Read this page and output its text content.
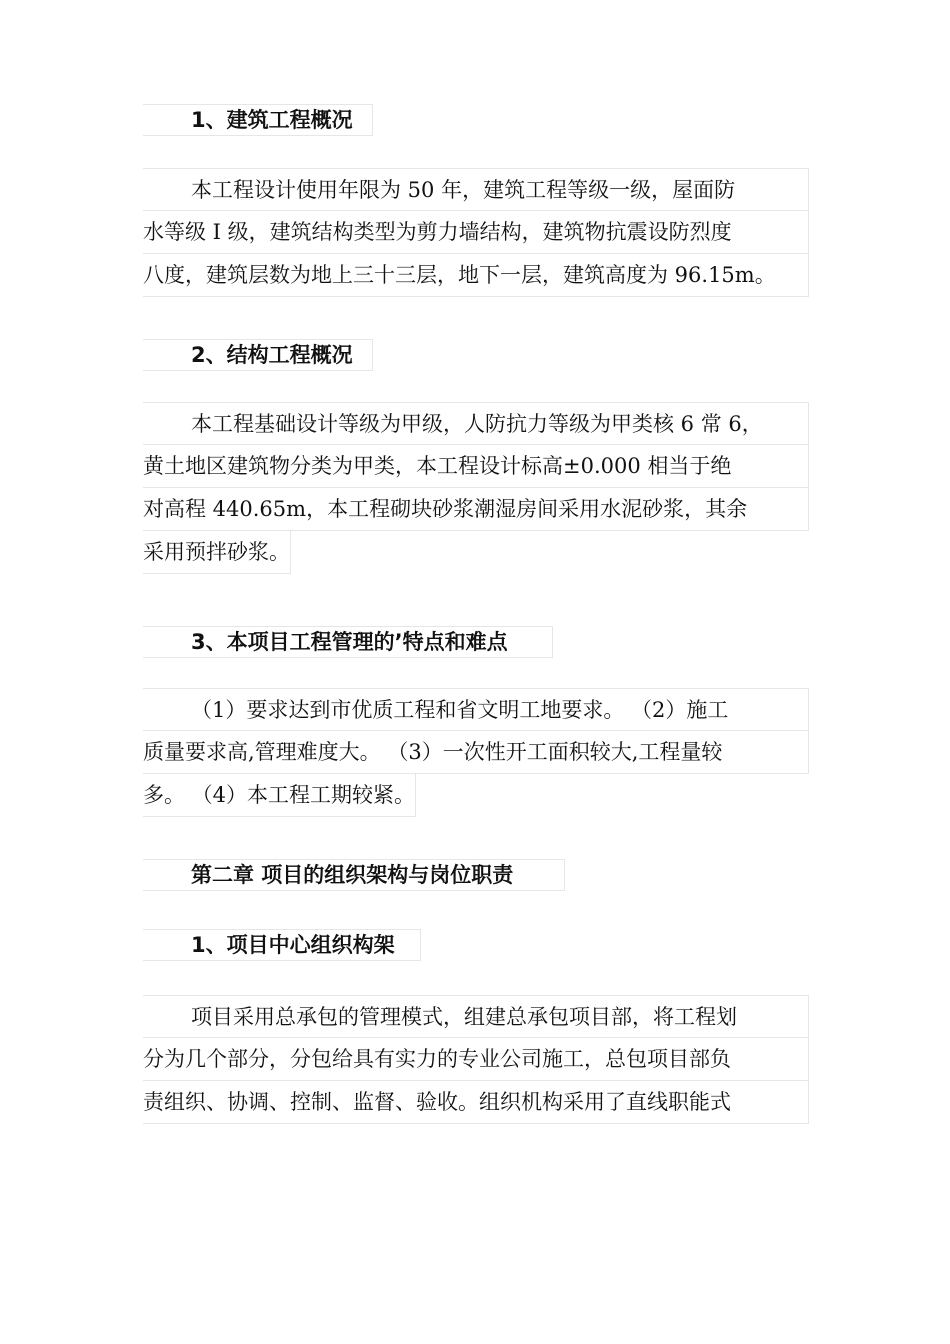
1、建筑工程概况
本工程设计使用年限为 50 年，建筑工程等级一级，屋面防
水等级 I 级，建筑结构类型为剪力墙结构，建筑物抗震设防烈度
八度，建筑层数为地上三十三层，地下一层，建筑高度为 96.15m。
2、结构工程概况
本工程基础设计等级为甲级，人防抗力等级为甲类核 6 常 6，
黄土地区建筑物分类为甲类，本工程设计标高±0.000 相当于绝
对高程 440.65m，本工程砌块砂浆潮湿房间采用水泥砂浆，其余
采用预拌砂浆。
3、本项目工程管理的’特点和难点
（1）要求达到市优质工程和省文明工地要求。 （2）施工
质量要求高,管理难度大。 （3）一次性开工面积较大,工程量较
多。 （4）本工程工期较紧。
第二章 项目的组织架构与岗位职责
1、项目中心组织构架
项目采用总承包的管理模式，组建总承包项目部，将工程划
分为几个部分，分包给具有实力的专业公司施工，总包项目部负
责组织、协调、控制、监督、验收。组织机构采用了直线职能式
